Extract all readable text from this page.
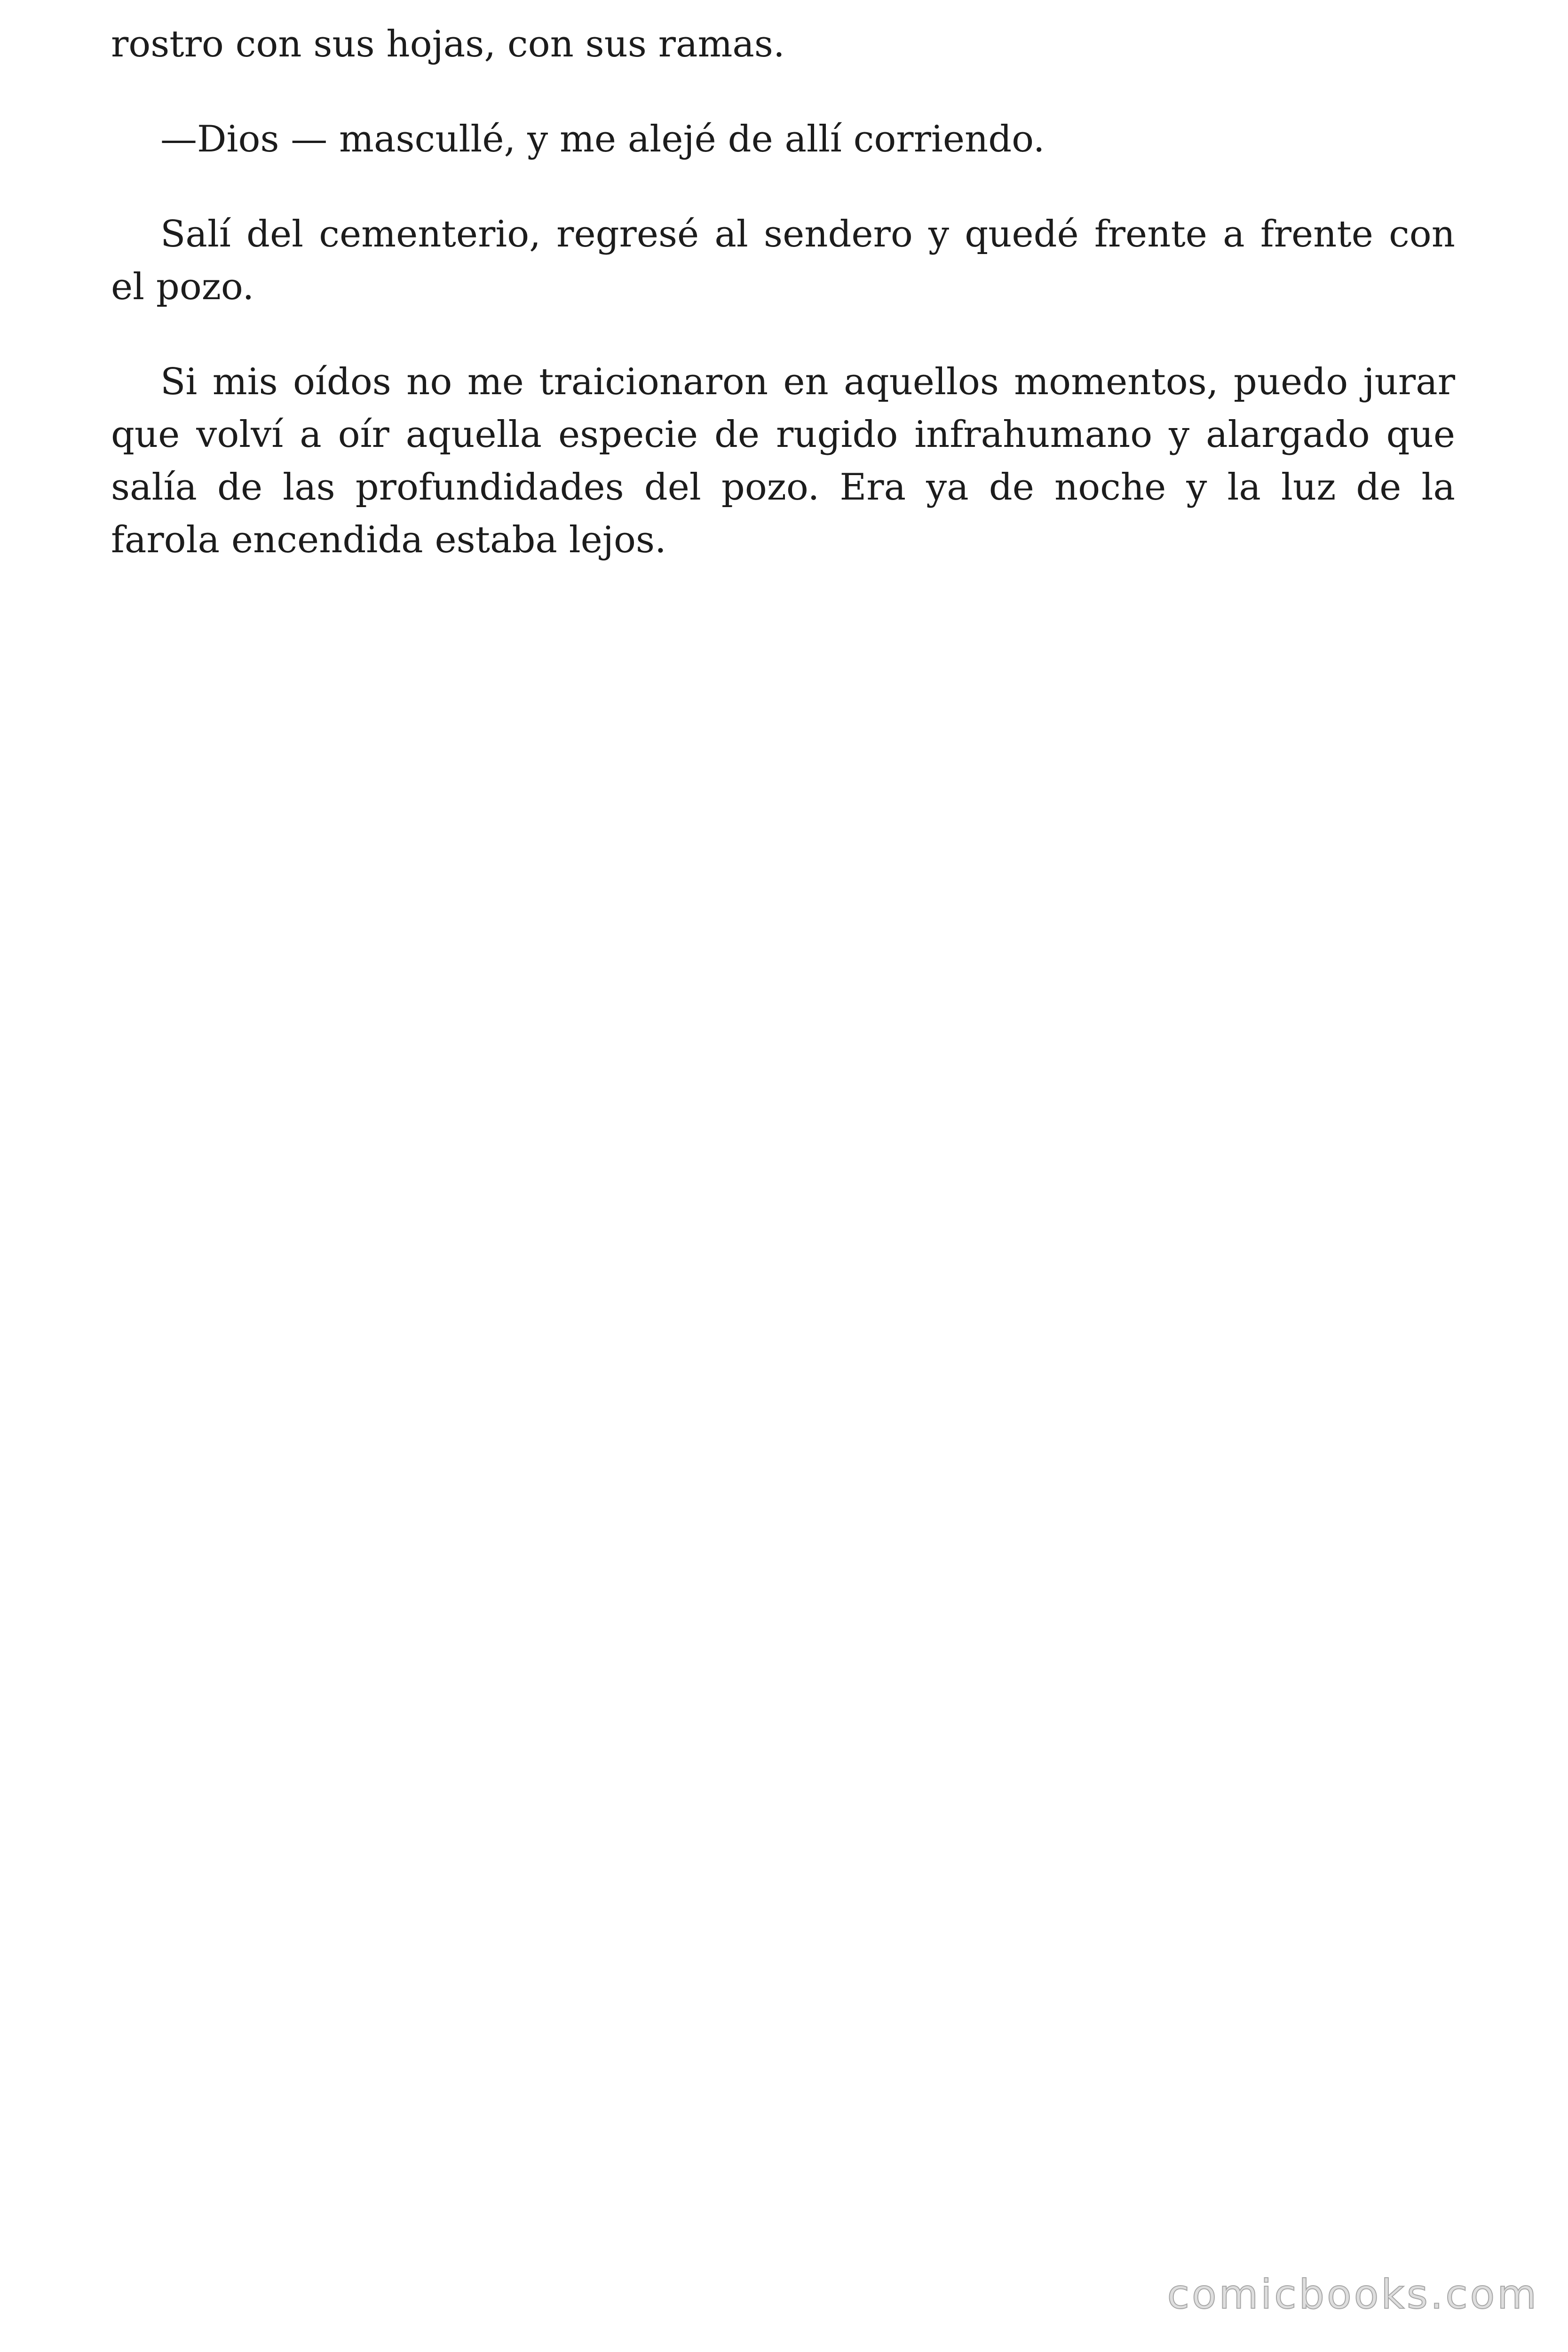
rostro con sus hojas, con sus ramas.
—Dios — mascullé, y me alejé de allí corriendo.
Salí del cementerio, regresé al sendero y quedé frente a frente con
el pozo.
Si mis oídos no me traicionaron en aquellos momentos, puedo jurar
que volví a oír aquella especie de rugido infrahumano y alargado que
salía de las profundidades del pozo. Era ya de noche y la luz de la
farola encendida estaba lejos.
comicbooks.com
